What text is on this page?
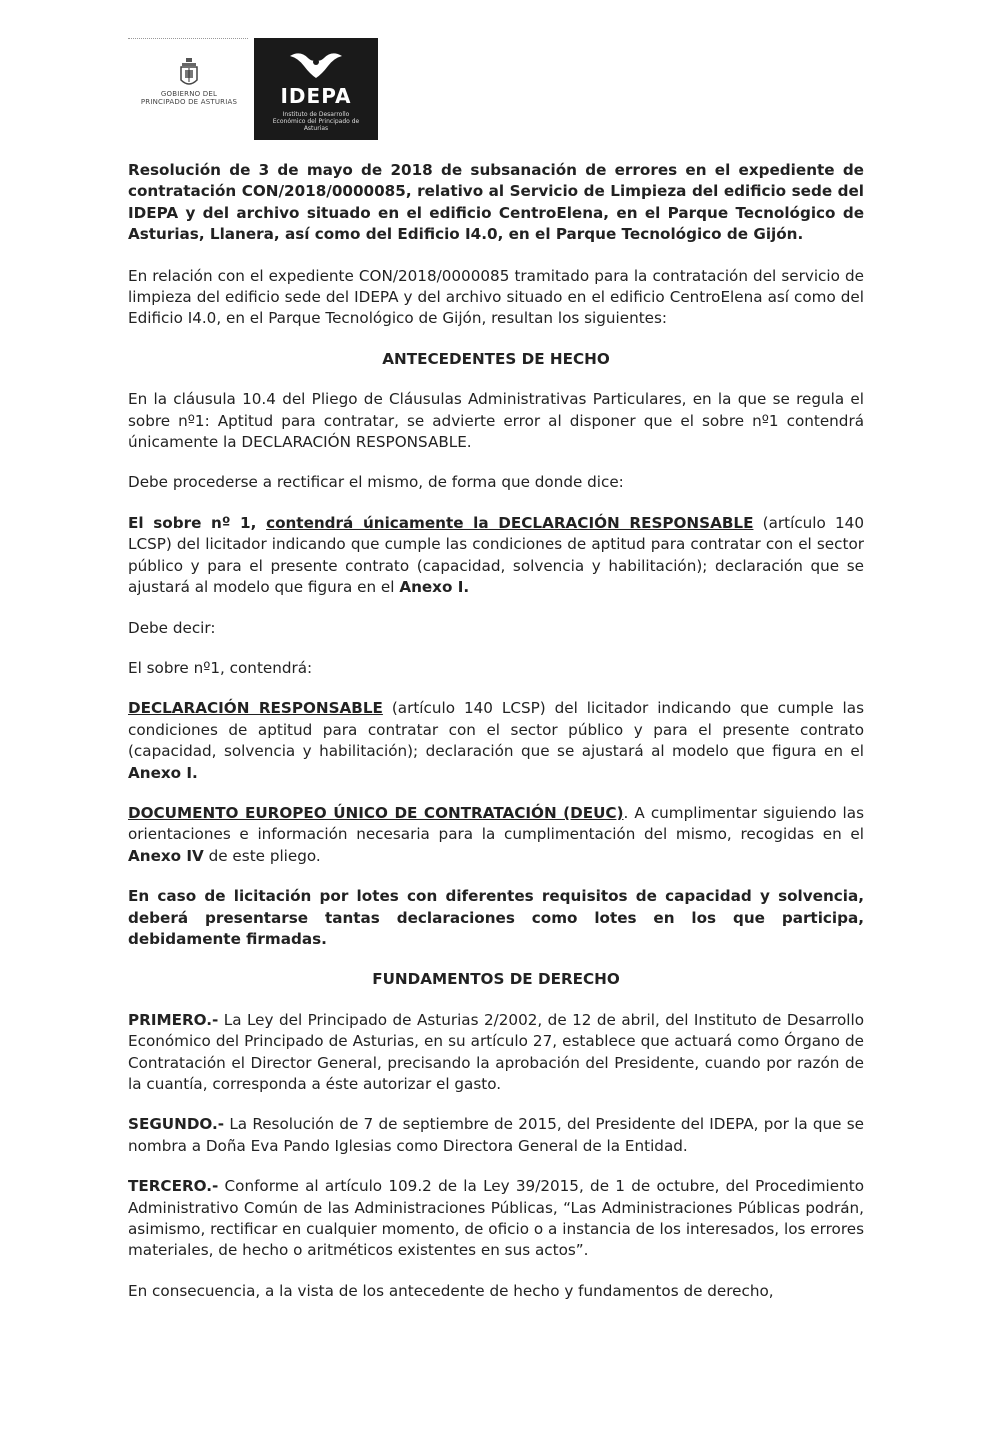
GOBIERNO DEL
PRINCIPADO DE ASTURIAS	IDEPA
Instituto de Desarrollo Económico del Principado de Asturias

Resolución de 3 de mayo de 2018 de subsanación de errores en el expediente de contratación CON/2018/0000085, relativo al Servicio de Limpieza del edificio sede del IDEPA y del archivo situado en el edificio CentroElena, en el Parque Tecnológico de Asturias, Llanera, así como del Edificio I4.0, en el Parque Tecnológico de Gijón.

En relación con el expediente CON/2018/0000085 tramitado para la contratación del servicio de limpieza del edificio sede del IDEPA y del archivo situado en el edificio CentroElena así como del Edificio I4.0, en el Parque Tecnológico de Gijón, resultan los siguientes:

ANTECEDENTES DE HECHO

En la cláusula 10.4 del Pliego de Cláusulas Administrativas Particulares, en la que se regula el sobre nº1: Aptitud para contratar, se advierte error al disponer que el sobre nº1 contendrá únicamente la DECLARACIÓN RESPONSABLE.

Debe procederse a rectificar el mismo, de forma que donde dice:

El sobre nº 1, contendrá únicamente la DECLARACIÓN RESPONSABLE (artículo 140 LCSP) del licitador indicando que cumple las condiciones de aptitud para contratar con el sector público y para el presente contrato (capacidad, solvencia y habilitación); declaración que se ajustará al modelo que figura en el Anexo I.

Debe decir:

El sobre nº1, contendrá:

DECLARACIÓN RESPONSABLE (artículo 140 LCSP) del licitador indicando que cumple las condiciones de aptitud para contratar con el sector público y para el presente contrato (capacidad, solvencia y habilitación); declaración que se ajustará al modelo que figura en el Anexo I.

DOCUMENTO EUROPEO ÚNICO DE CONTRATACIÓN (DEUC). A cumplimentar siguiendo las orientaciones e información necesaria para la cumplimentación del mismo, recogidas en el Anexo IV de este pliego.

En caso de licitación por lotes con diferentes requisitos de capacidad y solvencia, deberá presentarse tantas declaraciones como lotes en los que participa, debidamente firmadas.

FUNDAMENTOS DE DERECHO

PRIMERO.- La Ley del Principado de Asturias 2/2002, de 12 de abril, del Instituto de Desarrollo Económico del Principado de Asturias, en su artículo 27, establece que actuará como Órgano de Contratación el Director General, precisando la aprobación del Presidente, cuando por razón de la cuantía, corresponda a éste autorizar el gasto.

SEGUNDO.- La Resolución de 7 de septiembre de 2015, del Presidente del IDEPA, por la que se nombra a Doña Eva Pando Iglesias como Directora General de la Entidad.

TERCERO.- Conforme al artículo 109.2 de la Ley 39/2015, de 1 de octubre, del Procedimiento Administrativo Común de las Administraciones Públicas, “Las Administraciones Públicas podrán, asimismo, rectificar en cualquier momento, de oficio o a instancia de los interesados, los errores materiales, de hecho o aritméticos existentes en sus actos”.

En consecuencia, a la vista de los antecedente de hecho y fundamentos de derecho,
